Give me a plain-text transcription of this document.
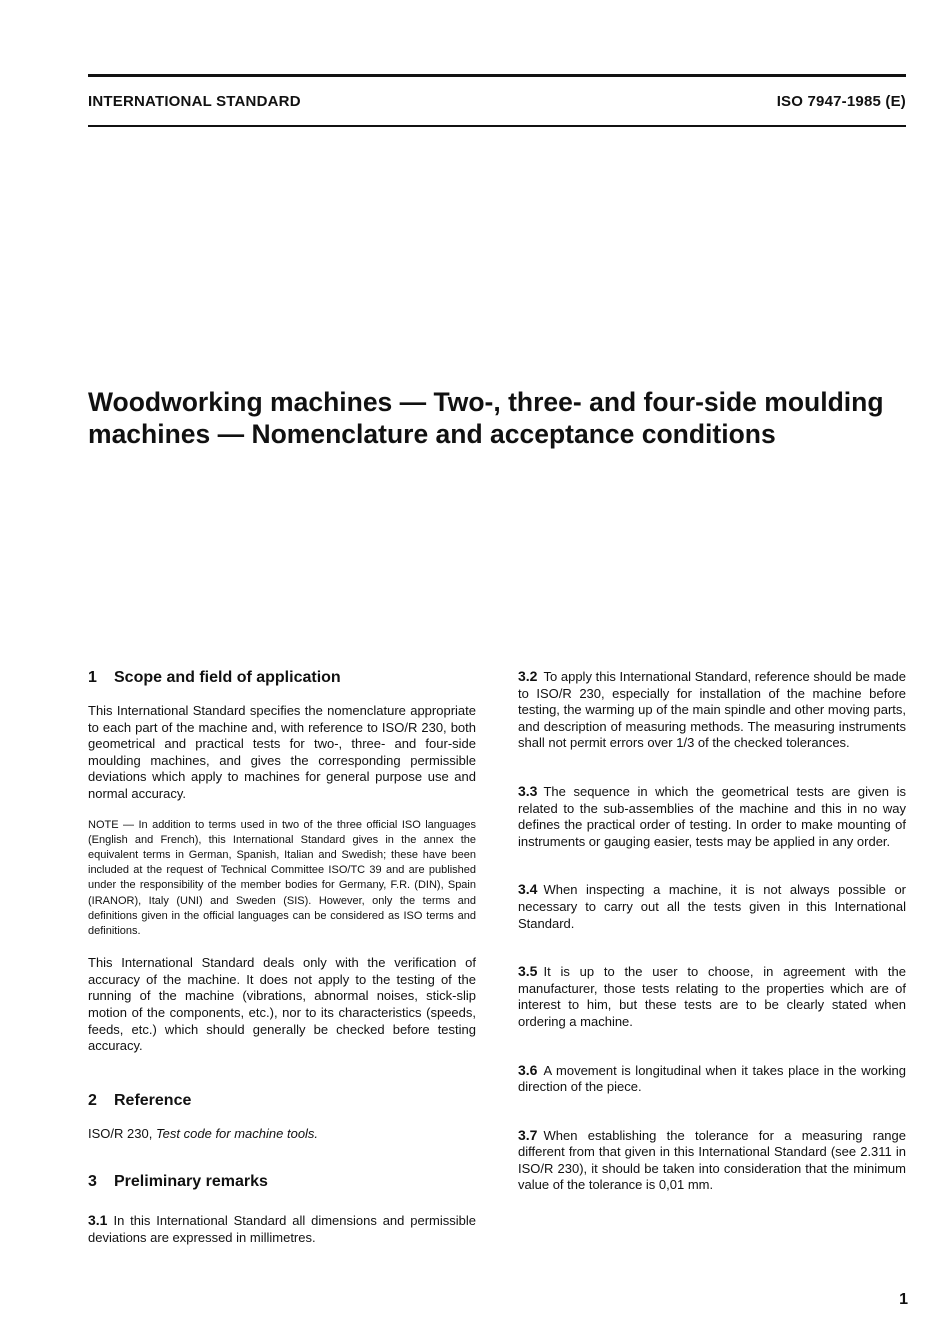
INTERNATIONAL STANDARD	ISO 7947-1985 (E)
Woodworking machines — Two-, three- and four-side moulding machines — Nomenclature and acceptance conditions
1 Scope and field of application

This International Standard specifies the nomenclature appropriate to each part of the machine and, with reference to ISO/R 230, both geometrical and practical tests for two-, three- and four-side moulding machines, and gives the corresponding permissible deviations which apply to machines for general purpose use and normal accuracy.

NOTE — In addition to terms used in two of the three official ISO languages (English and French), this International Standard gives in the annex the equivalent terms in German, Spanish, Italian and Swedish; these have been included at the request of Technical Committee ISO/TC 39 and are published under the responsibility of the member bodies for Germany, F.R. (DIN), Spain (IRANOR), Italy (UNI) and Sweden (SIS). However, only the terms and definitions given in the official languages can be considered as ISO terms and definitions.

This International Standard deals only with the verification of accuracy of the machine. It does not apply to the testing of the running of the machine (vibrations, abnormal noises, stick-slip motion of the components, etc.), nor to its characteristics (speeds, feeds, etc.) which should generally be checked before testing accuracy.

2 Reference

ISO/R 230, Test code for machine tools.

3 Preliminary remarks

3.1 In this International Standard all dimensions and permissible deviations are expressed in millimetres.

3.2 To apply this International Standard, reference should be made to ISO/R 230, especially for installation of the machine before testing, the warming up of the main spindle and other moving parts, and description of measuring methods. The measuring instruments shall not permit errors over 1/3 of the checked tolerances.

3.3 The sequence in which the geometrical tests are given is related to the sub-assemblies of the machine and this in no way defines the practical order of testing. In order to make mounting of instruments or gauging easier, tests may be applied in any order.

3.4 When inspecting a machine, it is not always possible or necessary to carry out all the tests given in this International Standard.

3.5 It is up to the user to choose, in agreement with the manufacturer, those tests relating to the properties which are of interest to him, but these tests are to be clearly stated when ordering a machine.

3.6 A movement is longitudinal when it takes place in the working direction of the piece.

3.7 When establishing the tolerance for a measuring range different from that given in this International Standard (see 2.311 in ISO/R 230), it should be taken into consideration that the minimum value of the tolerance is 0,01 mm.

1
